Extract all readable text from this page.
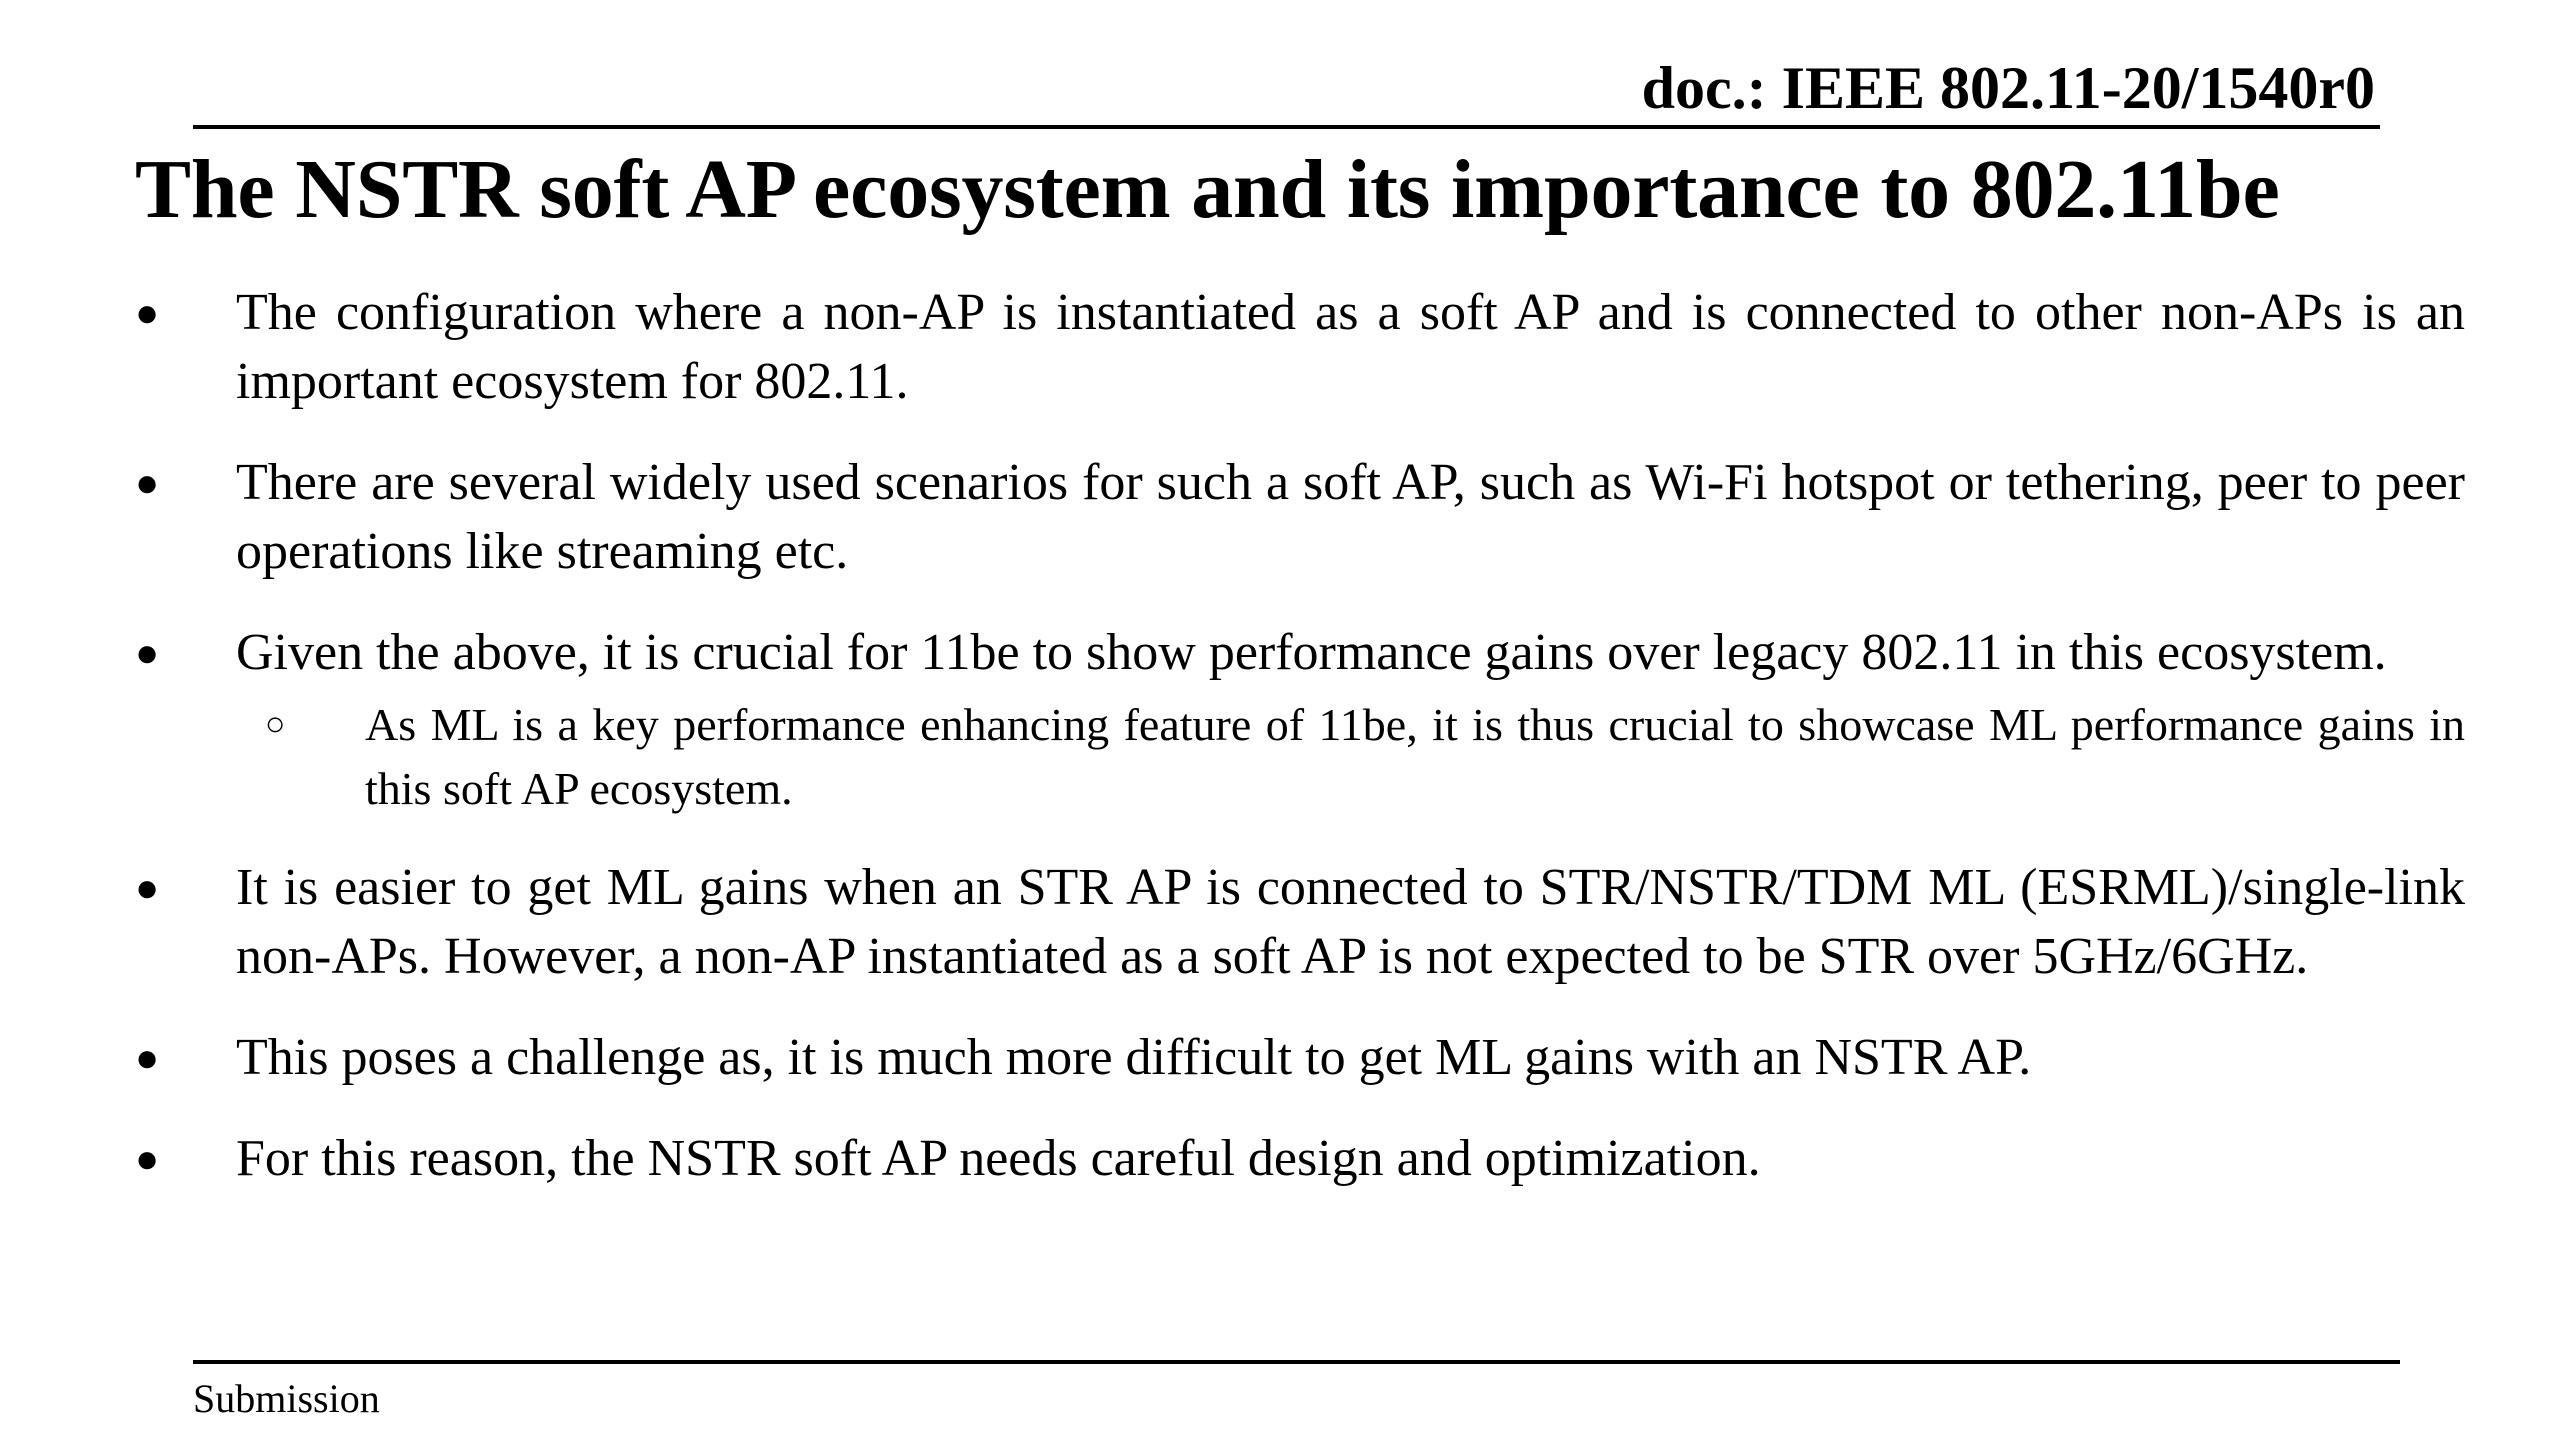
doc.: IEEE 802.11-20/1540r0
The NSTR soft AP ecosystem and its importance to 802.11be
● The configuration where a non-AP is instantiated as a soft AP and is connected to other non-APs is an important ecosystem for 802.11.
● There are several widely used scenarios for such a soft AP, such as Wi-Fi hotspot or tethering, peer to peer operations like streaming etc.
● Given the above, it is crucial for 11be to show performance gains over legacy 802.11 in this ecosystem.
○ As ML is a key performance enhancing feature of 11be, it is thus crucial to showcase ML performance gains in this soft AP ecosystem.
● It is easier to get ML gains when an STR AP is connected to STR/NSTR/TDM ML (ESRML)/single-link non-APs. However, a non-AP instantiated as a soft AP is not expected to be STR over 5GHz/6GHz.
● This poses a challenge as, it is much more difficult to get ML gains with an NSTR AP.
● For this reason, the NSTR soft AP needs careful design and optimization.
Submission
